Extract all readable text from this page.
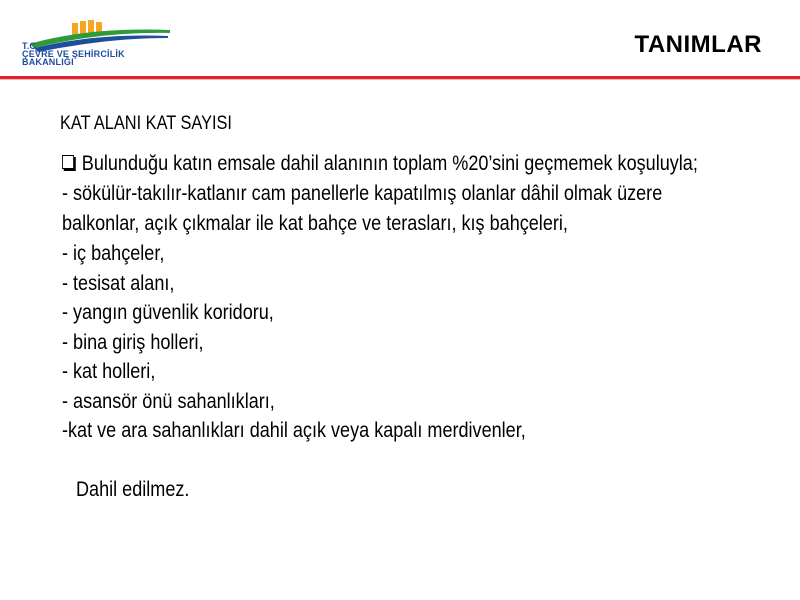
T.C.
ÇEVRE VE ŞEHİRCİLİK
BAKANLIĞI
TANIMLAR
KAT ALANI KAT SAYISI
Bulunduğu katın emsale dahil alanının toplam %20’sini geçmemek koşuluyla;
- sökülür-takılır-katlanır cam panellerle kapatılmış olanlar dâhil olmak üzere
balkonlar, açık çıkmalar ile kat bahçe ve terasları, kış bahçeleri,
- iç bahçeler,
- tesisat alanı,
- yangın güvenlik koridoru,
- bina giriş holleri,
- kat holleri,
- asansör önü sahanlıkları,
-kat ve ara sahanlıkları dahil açık veya kapalı merdivenler,
Dahil edilmez.
